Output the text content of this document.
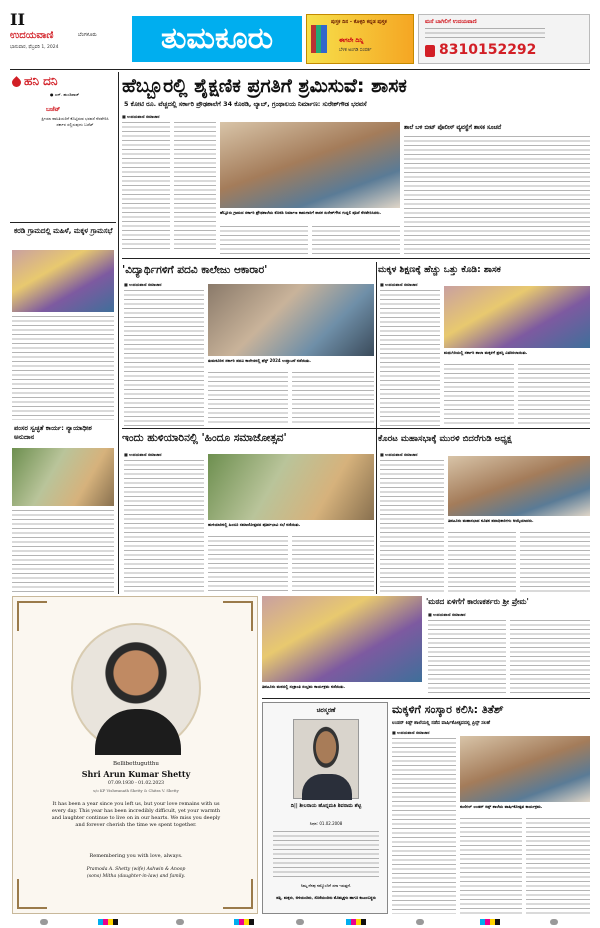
II
ಉದಯವಾಣಿ	ಬೆಂಗಳೂರು
ಭಾನುವಾರ, ಫೆಬ್ರವರಿ 1, 2024	ತುಮಕೂರು	ಪುಸ್ತಕ ದಿನ - ಕೊಳ್ಳಿರಿ ಕನ್ನಡ ಪುಸ್ತಕ
ಈಗಲೇ ದಿನ್ನಿ
ಬೆಳಕ ಅಂಗಡಿ ಸಂಪರ್ಕ
ಮನೆ ಬಾಗಿಲಿಗೆ ಉದಯವಾಣಿ
8310152292
ಹನಿ ದನಿ
● ಎನ್. ಹುಂಡಿರಾಜ್
ಬಜೆಟ್
ಪ್ರೀಯಾ ಪಾಸಿತಿಯರಿಗೆ ಕೊಟ್ಟಿರುವ ಭರವಸೆ ನೆರವೇರಿಸಿ ಸರ್ಕಾರ ಸಲ್ಲಿಸುವುದು ಬಜೆಟ್
ಕರಡಿ ಗ್ರಾಮದಲ್ಲಿ ಮಹಿಳೆ, ಮಕ್ಕಳ ಗ್ರಾಮಸಭೆ
ಪಂಸರ ಸ್ವಚ್ಛತೆ ಕಾರ್ಯ: ನ್ಯಾಯಾಧೀಶ ಅನುದಾನ
ಹೆಬ್ಬೂರಲ್ಲಿ ಶೈಕ್ಷಣಿಕ ಪ್ರಗತಿಗೆ ಶ್ರಮಿಸುವೆ: ಶಾಸಕ
5 ಕೋಟಿ ರೂ. ವೆಚ್ಚದಲ್ಲಿ ಸರ್ಕಾರಿ ಪ್ರೌಢಶಾಲೆಗೆ 34 ಕೊಠಡಿ, ಲ್ಯಾಬ್, ಗ್ರಂಥಾಲಯ ನಿರ್ಮಾಣ: ಸುರೇಶ್‌ಗೌಡ ಭರವಸೆ
■ ಉದಯವಾಣಿ ಸಮಾಚಾರ
ಹೆಬ್ಬೂರು ಗ್ರಾಮದ ಸರ್ಕಾರಿ ಪ್ರೌಢಶಾಲೆಯ ಕೊಠಡಿ ನಿರ್ಮಾಣ ಕಾಮಗಾರಿಗೆ ಶಾಸಕ ಸುರೇಶ್‌ಗೌಡ ಗುದ್ದಲಿ ಪೂಜೆ ನೆರವೇರಿಸಿದರು.
ಶಾಲೆ ಬಳಿ ಬೀಟ್ ಪೊಲೀಸ್ ವ್ಯವಸ್ಥೆಗೆ ಶಾಸಕ ಸೂಚನೆ
'ವಿದ್ಯಾರ್ಥಿಗಳಿಗೆ ಪದವಿ ಕಾಲೇಜು ಆಕಾರಾರ'
■ ಉದಯವಾಣಿ ಸಮಾಚಾರ
ತುಮಕೂರಿನ ಸರ್ಕಾರಿ ಪದವಿ ಕಾಲೇಜಿನಲ್ಲಿ ಫೆಸ್ಟ್ 2024 ಉದ್ಘಾಟನೆ ನಡೆಯಿತು.
ಮಕ್ಕಳ ಶಿಕ್ಷಣಕ್ಕೆ ಹೆಚ್ಚು ಒತ್ತು ಕೊಡಿ: ಶಾಸಕ
■ ಉದಯವಾಣಿ ಸಮಾಚಾರ
ಮಧುಗಿರಿಯಲ್ಲಿ ಸರ್ಕಾರಿ ಶಾಲಾ ಮಕ್ಕಳಿಗೆ ಪ್ರಶಸ್ತಿ ವಿತರಿಸಲಾಯಿತು.
ಇಂದು ಹುಳಿಯಾರಿನಲ್ಲಿ 'ಹಿಂದೂ ಸಮಾಜೋತ್ಸವ'
■ ಉದಯವಾಣಿ ಸಮಾಚಾರ
ಹುಳಿಯಾರಿನಲ್ಲಿ ಹಿಂದೂ ಸಮಾಜೋತ್ಸವದ ಪೂರ್ವಭಾವಿ ಸಭೆ ನಡೆಯಿತು.
ಕೊರಟ ಮಹಾಸಭಾಕ್ಕೆ ಮುರಳಿ ಬಿದರೆಗುಡಿ ಅಧ್ಯಕ್ಷ
■ ಉದಯವಾಣಿ ಸಮಾಚಾರ
ತಿಪಟೂರು ಮಹಾಸಭಾದ ನೂತನ ಪದಾಧಿಕಾರಿಗಳು ಆಯ್ಕೆಯಾದರು.
Bellibettugutthu
Shri Arun Kumar Shetty
07.09.1930 - 01.02.2023
s/o KP Vishwanath Shetty & Chitra V. Shetty
It has been a year since you left us, but your love remains with us every day. This year has been incredibly difficult, yet your warmth and laughter continue to live on in our hearts. We miss you deeply and forever cherish the time we spent together.
Remembering you with love, always.
Pramoda A. Shetty (wife) Ashwin & Anoop (sons) Mitha (daughter-in-law) and family.
ತಿಪಟೂರು ಮಠದಲ್ಲಿ ಸಂಕ್ರಾಂತಿ ಸಂಭ್ರಮ ಕಾರ್ಯಕ್ರಮ ನಡೆಯಿತು.
'ಮಠದ ಏಳಿಗೆಗೆ ಕಾರಣಕರ್ತರು ಶ್ರೀ ಪ್ರೇಮ'
■ ಉದಯವಾಣಿ ಸಮಾಚಾರ
ಚಿರಸ್ಮರಣೆ
ದಿ|| ಶೀಲರಾಯ ಹೊನ್ನಮತಿ ಶಿವರಾಮ ಶೆಟ್ಟಿ
ನಿಧನ: 01.02.2008
ನಿಮ್ಮ ನೆನಪು ನಮ್ಮೊಂದಿಗೆ ಸದಾ ಇರುತ್ತದೆ.
ಪತ್ನಿ, ಮಕ್ಕಳು, ಅಳಿಯಂದಿರು, ಸೊಸೆಯಂದಿರು ಮೊಮ್ಮಕ್ಕಳು ಹಾಗೂ ಕುಟುಂಬಸ್ಥರು
ಮಕ್ಕಳಿಗೆ ಸಂಸ್ಕಾರ ಕಲಿಸಿ: ತಿತೆಶ್
ಲಂಡನ್ ಕಿಡ್ಸ್ ಶಾಲೆಯಲ್ಲಿ ನಡೆದ ವಾರ್ಷಿಕೋತ್ಸವದಲ್ಲಿ ಪ್ರಿನ್ಸ್ ಸಲಹೆ
■ ಉದಯವಾಣಿ ಸಮಾಚಾರ
ಕುಣಿಗಲ್ ಲಂಡನ್ ಕಿಡ್ಸ್ ಶಾಲೆಯ ವಾರ್ಷಿಕೋತ್ಸವ ಕಾರ್ಯಕ್ರಮ.
